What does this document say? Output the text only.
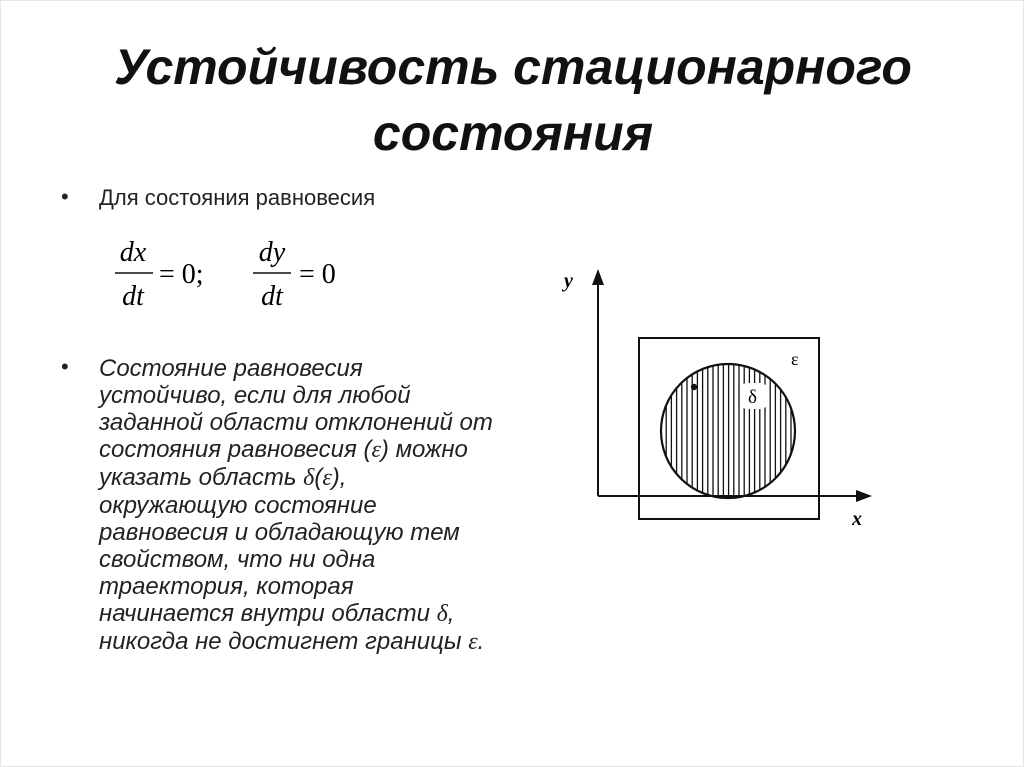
Устойчивость стационарного
состояния
• Для состояния равновесия
dx
dt
= 0;
dy
dt
= 0
• Состояние равновесия
устойчиво, если для любой
заданной области отклонений от
состояния равновесия (ε) можно
указать область δ(ε),
окружающую состояние
равновесия и обладающую тем
свойством, что ни одна
траектория, которая
начинается внутри области δ,
никогда не достигнет границы ε.
y
x
ε
δ
